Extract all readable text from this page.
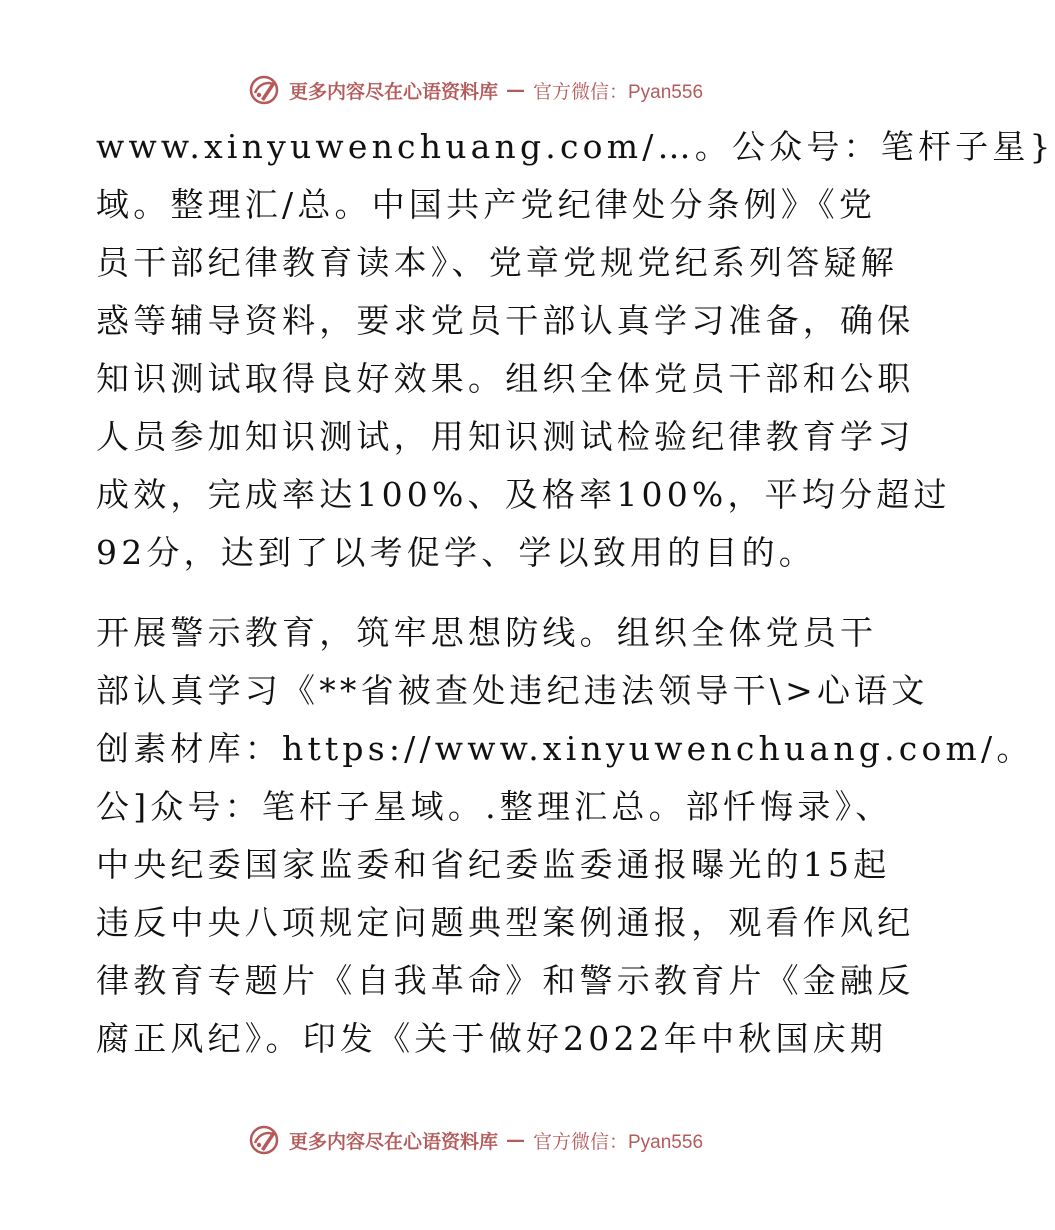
更多内容尽在心语资料库 — 官方微信：Pyan556
www.xinyuwenchuang.com/…。公众号：笔杆子星}
域。整理汇/总。中国共产党纪律处分条例》《党
员干部纪律教育读本》、党章党规党纪系列答疑解
惑等辅导资料，要求党员干部认真学习准备，确保
知识测试取得良好效果。组织全体党员干部和公职
人员参加知识测试，用知识测试检验纪律教育学习
成效，完成率达100%、及格率100%，平均分超过
92分，达到了以考促学、学以致用的目的。
开展警示教育，筑牢思想防线。组织全体党员干
部认真学习《**省被查处违纪违法领导干\>心语文
创素材库：https://www.xinyuwenchuang.com/。
公]众号：笔杆子星域。.整理汇总。部忏悔录》、
中央纪委国家监委和省纪委监委通报曝光的15起
违反中央八项规定问题典型案例通报，观看作风纪
律教育专题片《自我革命》和警示教育片《金融反
腐正风纪》。印发《关于做好2022年中秋国庆期
更多内容尽在心语资料库 — 官方微信：Pyan556
